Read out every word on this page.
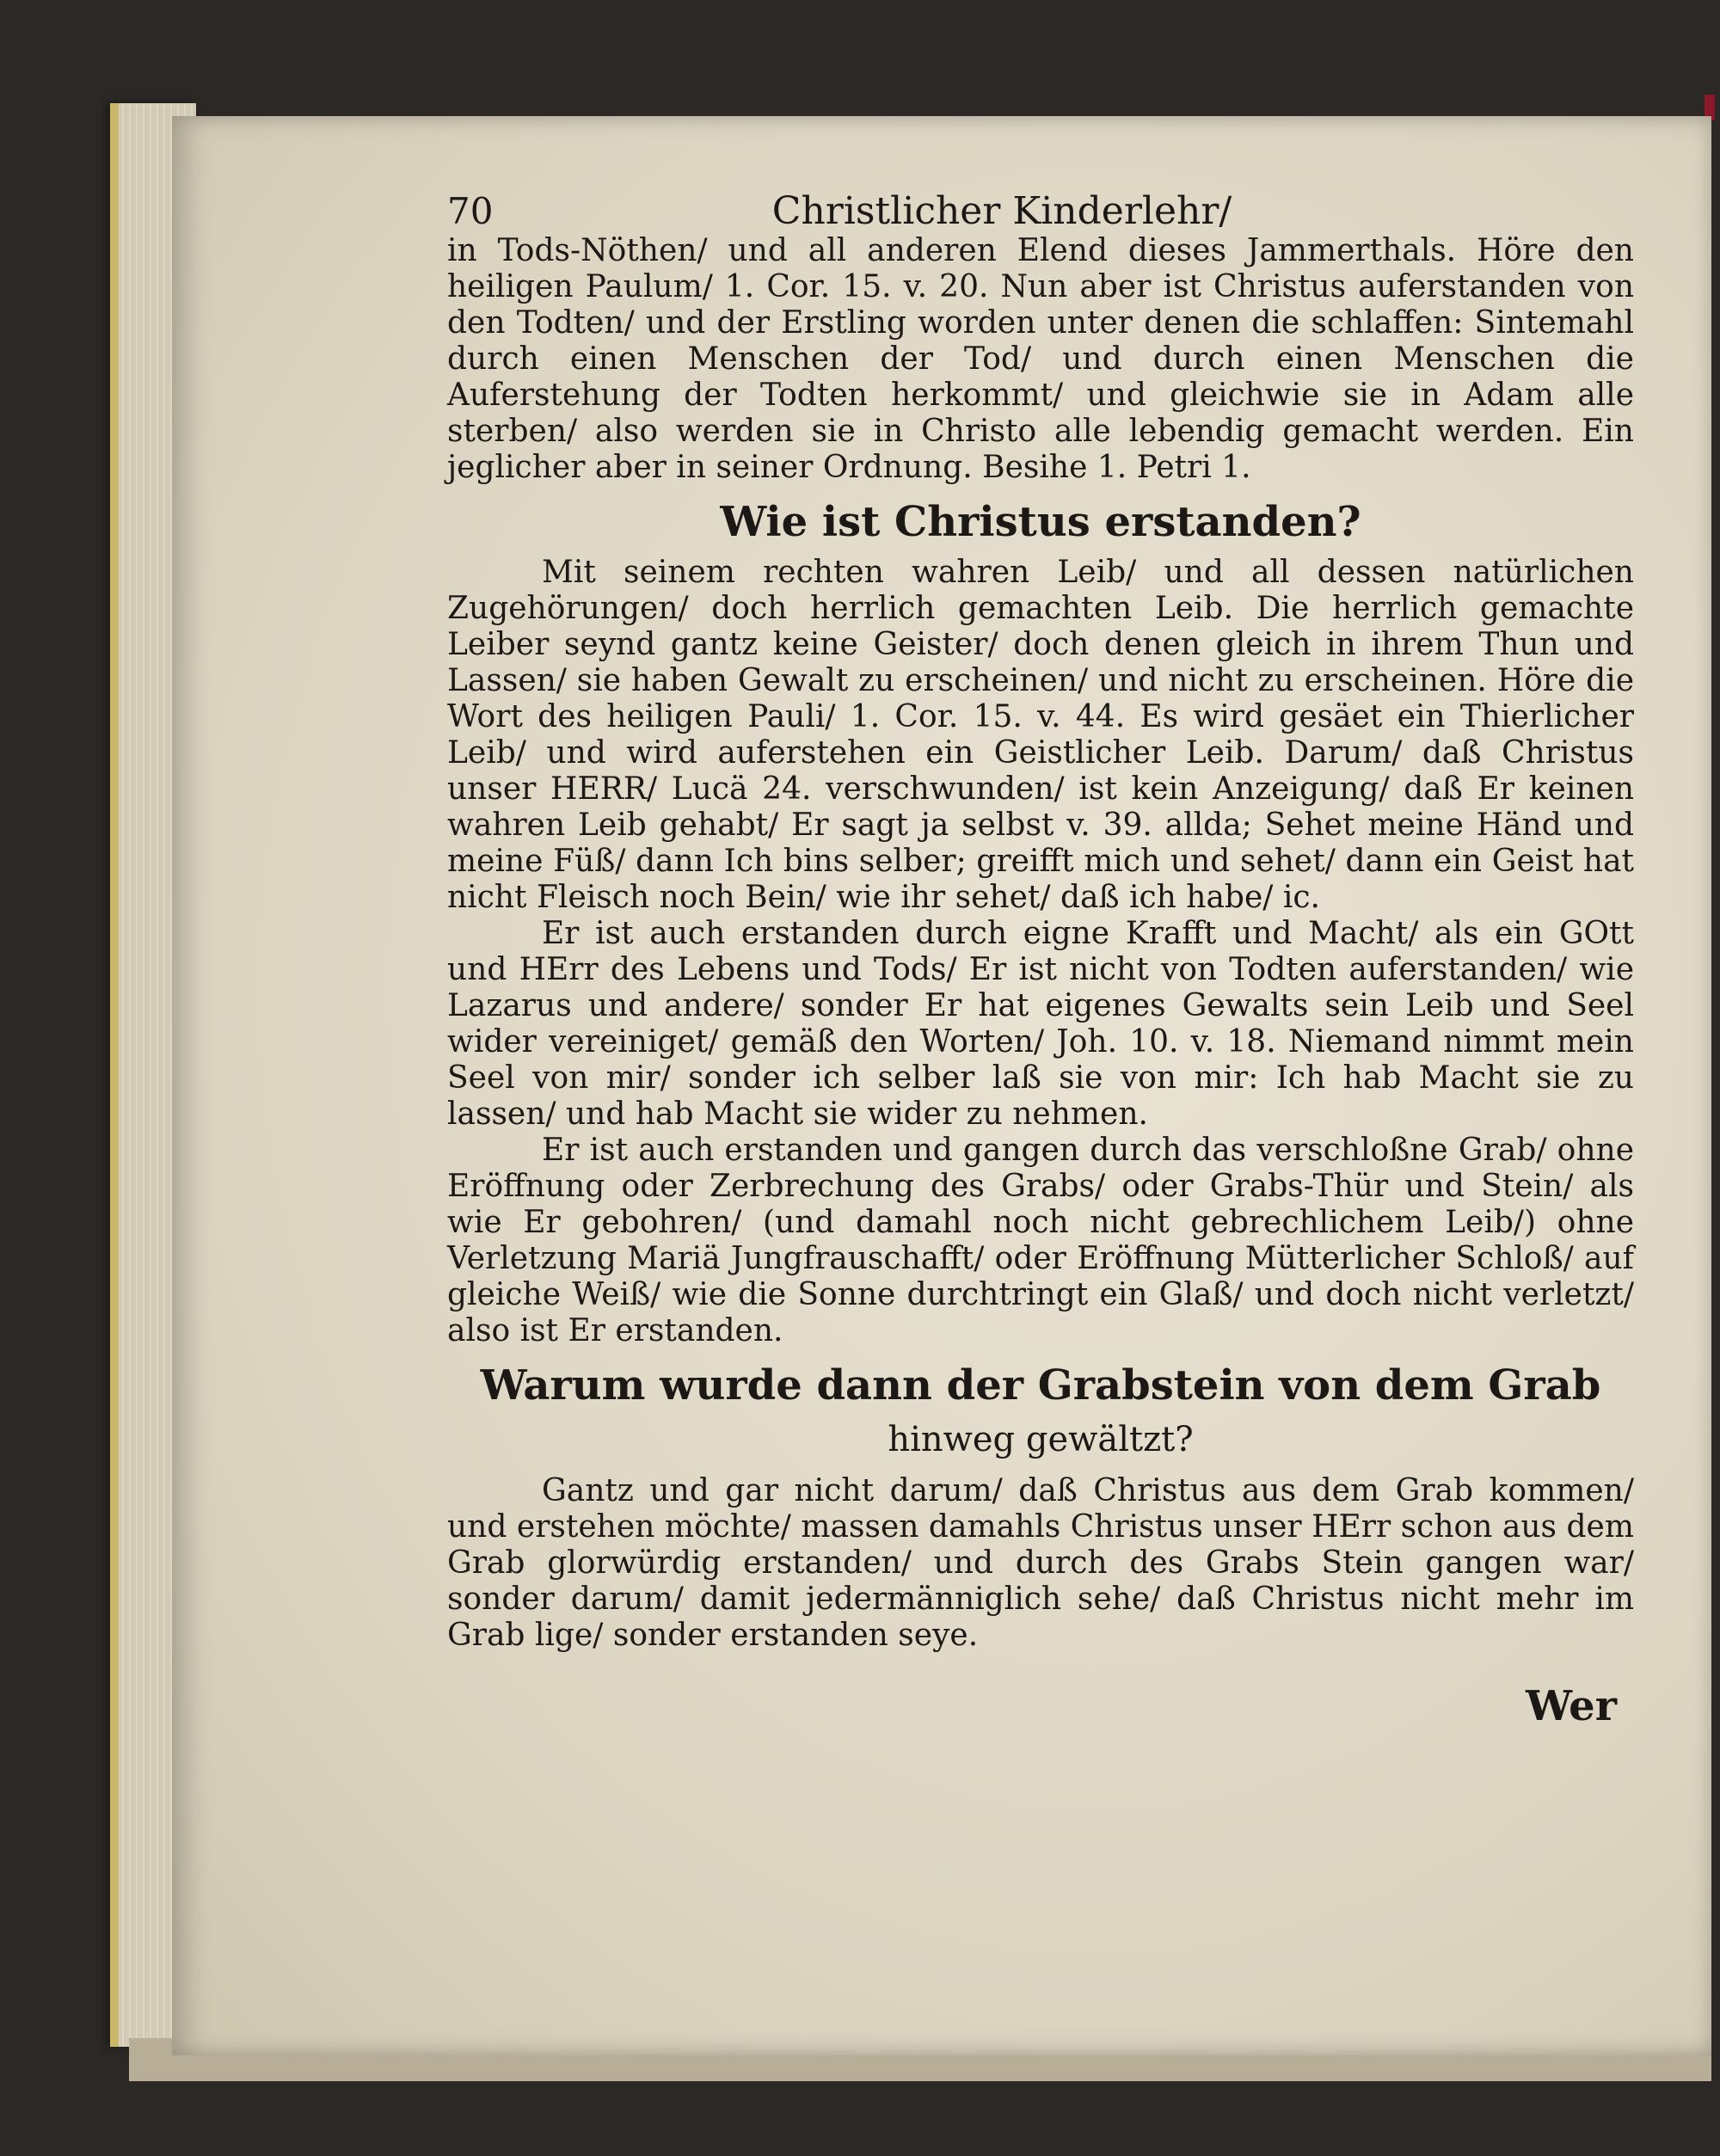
70	Christlicher Kinderlehr/

in Tods-Nöthen/ und all anderen Elend dieses Jammerthals. Höre den heiligen Paulum/ 1. Cor. 15. v. 20. Nun aber ist Christus auferstanden von den Todten/ und der Erstling worden unter denen die schlaffen: Sintemahl durch einen Menschen der Tod/ und durch einen Menschen die Auferstehung der Todten herkommt/ und gleichwie sie in Adam alle sterben/ also werden sie in Christo alle lebendig gemacht werden. Ein jeglicher aber in seiner Ordnung. Besihe 1. Petri 1.

Wie ist Christus erstanden?

Mit seinem rechten wahren Leib/ und all dessen natürlichen Zugehörungen/ doch herrlich gemachten Leib. Die herrlich gemachte Leiber seynd gantz keine Geister/ doch denen gleich in ihrem Thun und Lassen/ sie haben Gewalt zu erscheinen/ und nicht zu erscheinen. Höre die Wort des heiligen Pauli/ 1. Cor. 15. v. 44. Es wird gesäet ein Thierlicher Leib/ und wird auferstehen ein Geistlicher Leib. Darum/ daß Christus unser HERR/ Lucä 24. verschwunden/ ist kein Anzeigung/ daß Er keinen wahren Leib gehabt/ Er sagt ja selbst v. 39. allda; Sehet meine Händ und meine Füß/ dann Ich bins selber; greifft mich und sehet/ dann ein Geist hat nicht Fleisch noch Bein/ wie ihr sehet/ daß ich habe/ ic.

Er ist auch erstanden durch eigne Krafft und Macht/ als ein GOtt und HErr des Lebens und Tods/ Er ist nicht von Todten auferstanden/ wie Lazarus und andere/ sonder Er hat eigenes Gewalts sein Leib und Seel wider vereiniget/ gemäß den Worten/ Joh. 10. v. 18. Niemand nimmt mein Seel von mir/ sonder ich selber laß sie von mir: Ich hab Macht sie zu lassen/ und hab Macht sie wider zu nehmen.

Er ist auch erstanden und gangen durch das verschloßne Grab/ ohne Eröffnung oder Zerbrechung des Grabs/ oder Grabs-Thür und Stein/ als wie Er gebohren/ (und damahl noch nicht gebrechlichem Leib/) ohne Verletzung Mariä Jungfrauschafft/ oder Eröffnung Mütterlicher Schloß/ auf gleiche Weiß/ wie die Sonne durchtringt ein Glaß/ und doch nicht verletzt/ also ist Er erstanden.

Warum wurde dann der Grabstein von dem Grab
hinweg gewältzt?

Gantz und gar nicht darum/ daß Christus aus dem Grab kommen/ und erstehen möchte/ massen damahls Christus unser HErr schon aus dem Grab glorwürdig erstanden/ und durch des Grabs Stein gangen war/ sonder darum/ damit jedermänniglich sehe/ daß Christus nicht mehr im Grab lige/ sonder erstanden seye.

Wer
